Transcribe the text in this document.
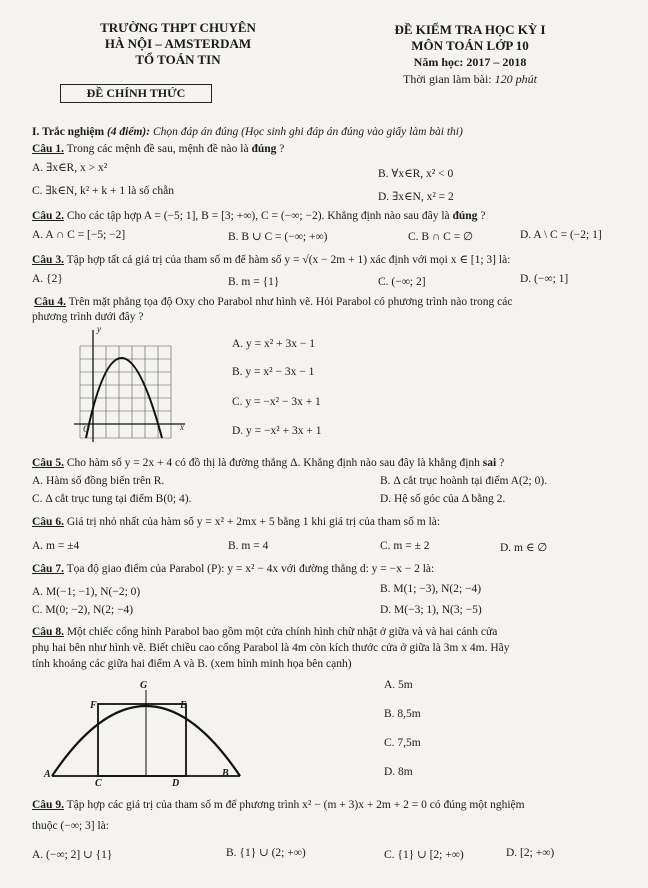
TRƯỜNG THPT CHUYÊN
HÀ NỘI – AMSTERDAM
TỔ TOÁN TIN
ĐỀ KIỂM TRA HỌC KỲ I
MÔN TOÁN LỚP 10
Năm học: 2017 – 2018
Thời gian làm bài: 120 phút
ĐỀ CHÍNH THỨC
I. Trắc nghiệm (4 điểm): Chọn đáp án đúng (Học sinh ghi đáp án đúng vào giấy làm bài thi)
Câu 1. Trong các mệnh đề sau, mệnh đề nào là đúng ?
A. ∃x∈R, x > x²	B. ∀x∈R, x² < 0
C. ∃k∈N, k² + k + 1 là số chẵn	D. ∃x∈N, x² = 2
Câu 2. Cho các tập hợp A = (−5; 1], B = [3; +∞), C = (−∞; −2). Khẳng định nào sau đây là đúng ?
A. A ∩ C = [−5; −2]	B. B ∪ C = (−∞; +∞)	C. B ∩ C = ∅	D. A \ C = (−2; 1]
Câu 3. Tập hợp tất cả giá trị của tham số m để hàm số y = √(x − 2m + 1) xác định với mọi x ∈ [1; 3] là:
A. {2}	B. m = {1}	C. (−∞; 2]	D. (−∞; 1]
Câu 4. Trên mặt phẳng tọa độ Oxy cho Parabol như hình vẽ. Hỏi Parabol có phương trình nào trong các
phương trình dưới đây ?
y
x
O
A. y = x² + 3x − 1
B. y = x² − 3x − 1
C. y = −x² − 3x + 1
D. y = −x² + 3x + 1
Câu 5. Cho hàm số y = 2x + 4 có đồ thị là đường thẳng Δ. Khẳng định nào sau đây là khẳng định sai ?
A. Hàm số đồng biến trên R.	B. Δ cắt trục hoành tại điểm A(2; 0).
C. Δ cắt trục tung tại điểm B(0; 4).	D. Hệ số góc của Δ bằng 2.
Câu 6. Giá trị nhỏ nhất của hàm số y = x² + 2mx + 5 bằng 1 khi giá trị của tham số m là:
A. m = ±4	B. m = 4	C. m = ± 2	D. m ∈ ∅
Câu 7. Tọa độ giao điểm của Parabol (P): y = x² − 4x với đường thẳng d: y = −x − 2 là:
A. M(−1; −1), N(−2; 0)	B. M(1; −3), N(2; −4)
C. M(0; −2), N(2; −4)	D. M(−3; 1), N(3; −5)
Câu 8. Một chiếc cổng hình Parabol bao gồm một cửa chính hình chữ nhật ở giữa và và hai cánh cửa
phụ hai bên như hình vẽ. Biết chiều cao cổng Parabol là 4m còn kích thước cửa ở giữa là 3m x 4m. Hãy
tính khoảng các giữa hai điểm A và B. (xem hình minh họa bên cạnh)
G
F	E
A	B
C	D
A. 5m
B. 8,5m
C. 7,5m
D. 8m
Câu 9. Tập hợp các giá trị của tham số m để phương trình x² − (m + 3)x + 2m + 2 = 0 có đúng một nghiệm
thuộc (−∞; 3] là:
A. (−∞; 2] ∪ {1}	B. {1} ∪ (2; +∞)	C. {1} ∪ [2; +∞)	D. [2; +∞)
